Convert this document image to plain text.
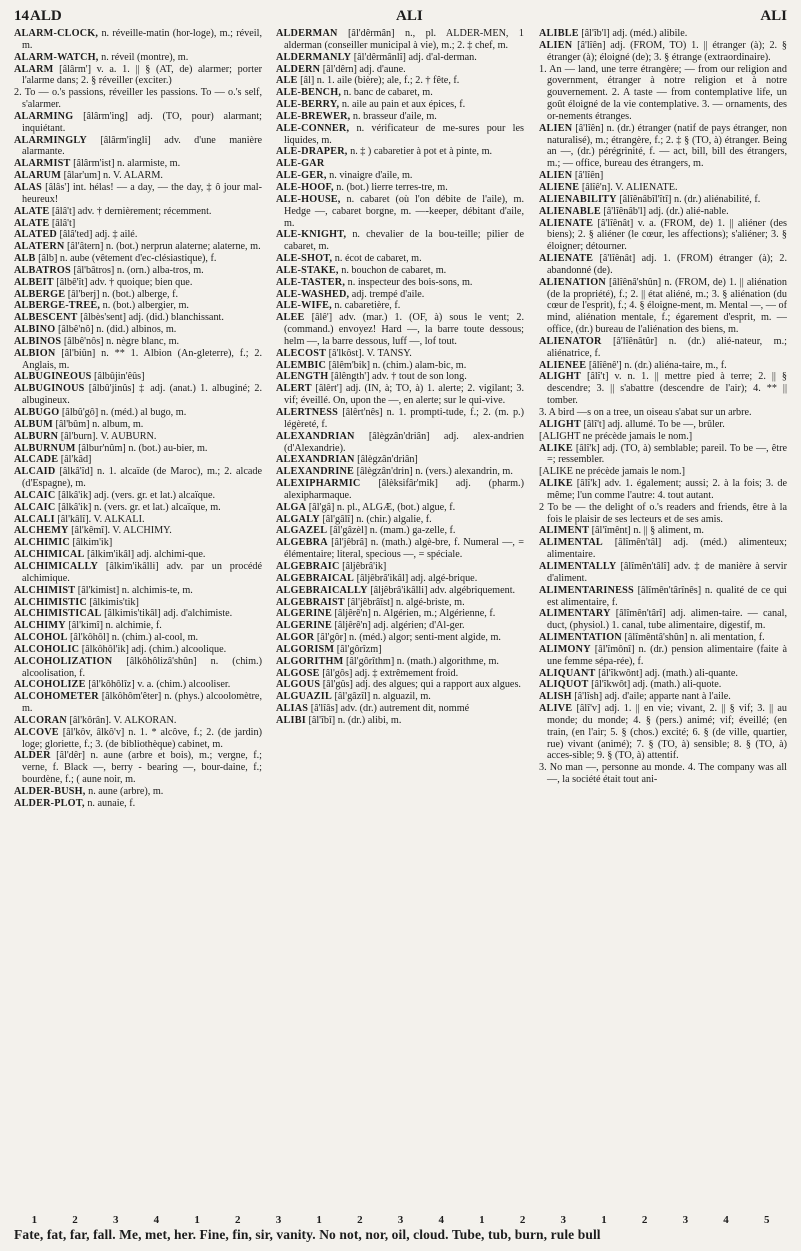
14 ALD	ALI	ALI

ALARM-CLOCK, n. réveille-matin (hor-loge), m.; réveil, m.

ALARM-WATCH, n. réveil (montre), m.

ALARM [âlârm'] v. a. 1. || § (AT, de) alarmer; porter l'alarme dans; 2. § réveiller (exciter.)

2. To — o.'s passions, réveiller les passions. To — o.'s self, s'alarmer.

ALARMING [âlârm'ing] adj. (TO, pour) alarmant; inquiétant.

ALARMINGLY [âlârm'ingli] adv. d'une manière alarmante.

ALARMIST [âlârm'ist] n. alarmiste, m.

ALARUM [âlar'um] n. V. ALARM.

ALAS [âlâs'] int. hélas! — a day, — the day, ‡ ô jour mal-heureux!

ALATE [âlâ't] adv. † dernièrement; récemment.

ALATE [âlâ't]

ALATED [âlâ'ted] adj. ‡ ailé.

ALATERN [âl'âtern] n. (bot.) nerprun alaterne; alaterne, m.

ALB [âlb] n. aube (vêtement d'ec-clésiastique), f.

ALBATROS [âl'bâtros] n. (orn.) alba-tros, m.

ALBEIT [âlbê'ît] adv. † quoique; bien que.

ALBERGE [âl'berj] n. (bot.) alberge, f.

ALBERGE-TREE, n. (bot.) albergier, m.

ALBESCENT [âlbès'sent] adj. (did.) blanchissant.

ALBINO [âlbê'nô] n. (did.) albinos, m.

ALBINOS [âlbê'nôs] n. nègre blanc, m.

ALBION [âl'biûn] n. ** 1. Albion (An-gleterre), f.; 2. Anglais, m.

ALBUGINEOUS [âlbûjin'êûs]

ALBUGINOUS [âlbû'jinûs] ‡ adj. (anat.) 1. albuginé; 2. albugineux.

ALBUGO [âlbû'gô] n. (méd.) al bugo, m.

ALBUM [âl'bûm] n. album, m.

ALBURN [âl'burn]. V. AUBURN.

ALBURNUM [âlbur'nûm] n. (bot.) au-bier, m.

ALCADE [âl'kâd]

ALCAID [âlkâ'îd] n. 1. alcaïde (de Maroc), m.; 2. alcade (d'Espagne), m.

ALCAIC [âlkâ'ik] adj. (vers. gr. et lat.) alcaïque.

ALCAIC [âlkâ'ik] n. (vers. gr. et lat.) alcaïque, m.

ALCALI [âl'kâlî]. V. ALKALI.

ALCHEMY [âl'kêmî]. V. ALCHIMY.

ALCHIMIC [âlkim'ik]

ALCHIMICAL [âlkim'ikâl] adj. alchimi-que.

ALCHIMICALLY [âlkim'ikâlli] adv. par un procédé alchimique.

ALCHIMIST [âl'kimist] n. alchimis-te, m.

ALCHIMISTIC [âlkimis'tik]

ALCHIMISTICAL [âlkimis'tikâl] adj. d'alchimiste.

ALCHIMY [âl'kimî] n. alchimie, f.

ALCOHOL [âl'kôhôl] n. (chim.) al-cool, m.

ALCOHOLIC [âlkôhôl'ik] adj. (chim.) alcoolique.

ALCOHOLIZATION [âlkôhôlizâ'shûn] n. (chim.) alcoolisation, f.

ALCOHOLIZE [âl'kôhôlîz] v. a. (chim.) alcooliser.

ALCOHOMETER [âlkôhôm'êter] n. (phys.) alcoolomètre, m.

ALCORAN [âl'kôrân]. V. ALKORAN.

ALCOVE [âl'kôv, âlkô'v] n. 1. * alcôve, f.; 2. (de jardin) loge; gloriette, f.; 3. (de bibliothèque) cabinet, m.

ALDER [âl'dêr] n. aune (arbre et bois), m.; vergne, f.; verne, f. Black —, berry - bearing —, bour-daine, f.; bourdène, f.; ( aune noir, m.

ALDER-BUSH, n. aune (arbre), m.

ALDER-PLOT, n. aunaie, f.

ALDERMAN [âl'dêrmân] n., pl. ALDER-MEN, 1 alderman (conseiller municipal à vie), m.; 2. ‡ chef, m.

ALDERMANLY [âl'dêrmânlî] adj. d'al-derman.

ALDERN [âl'dêrn] adj. d'aune.

ALE [âl] n. 1. aile (bière); ale, f.; 2. † fête, f.

ALE-BENCH, n. banc de cabaret, m.

ALE-BERRY, n. aile au pain et aux épices, f.

ALE-BREWER, n. brasseur d'aile, m.

ALE-CONNER, n. vérificateur de me-sures pour les liquides, m.

ALE-DRAPER, n. ‡ ) cabaretier à pot et à pinte, m.

ALE-GAR

ALE-GER, n. vinaigre d'aile, m.

ALE-HOOF, n. (bot.) lierre terres-tre, m.

ALE-HOUSE, n. cabaret (où l'on débite de l'aile), m. Hedge —, cabaret borgne, m. —-keeper, débitant d'aile, m.

ALE-KNIGHT, n. chevalier de la bou-teille; pilier de cabaret, m.

ALE-SHOT, n. écot de cabaret, m.

ALE-STAKE, n. bouchon de cabaret, m.

ALE-TASTER, n. inspecteur des bois-sons, m.

ALE-WASHED, adj. trempé d'aile.

ALE-WIFE, n. cabaretière, f.

ALEE [âlê'] adv. (mar.) 1. (OF, à) sous le vent; 2. (command.) envoyez! Hard —, la barre toute dessous; helm —, la barre dessous, luff —, lof tout.

ALECOST [â'lkôst]. V. TANSY.

ALEMBIC [âlêm'bik] n. (chim.) alam-bic, m.

ALENGTH [âlêngth'] adv. † tout de son long.

ALERT [âlêrt'] adj. (IN, à; TO, à) 1. alerte; 2. vigilant; 3. vif; éveillé. On, upon the —, en alerte; sur le qui-vive.

ALERTNESS [âlêrt'nês] n. 1. prompti-tude, f.; 2. (m. p.) légèreté, f.

ALEXANDRIAN [âlègzân'driân] adj. alex-andrien (d'Alexandrie).

ALEXANDRIAN [âlègzân'driân]

ALEXANDRINE [âlègzân'drin] n. (vers.) alexandrin, m.

ALEXIPHARMIC [âlèksifâr'mik] adj. (pharm.) alexipharmaque.

ALGA [âl'gâ] n. pl., ALGÆ, (bot.) algue, f.

ALGALY [âl'gâlî] n. (chir.) algalie, f.

ALGAZEL [âl'gâzèl] n. (mam.) ga-zelle, f.

ALGEBRA [âl'jêbrâ] n. (math.) algè-bre, f. Numeral —, = élémentaire; literal, specious —, = spéciale.

ALGEBRAIC [âljêbrâ'ik]

ALGEBRAICAL [âljêbrâ'ikâl] adj. algé-brique.

ALGEBRAICALLY [âljêbrâ'ikâlli] adv. algébriquement.

ALGEBRAIST [âl'jêbrâîst] n. algé-briste, m.

ALGERINE [âljêrê'n] n. Algérien, m.; Algérienne, f.

ALGERINE [âljêrê'n] adj. algérien; d'Al-ger.

ALGOR [âl'gôr] n. (méd.) algor; senti-ment algide, m.

ALGORISM [âl'gôrîzm]

ALGORITHM [âl'gôrîthm] n. (math.) algorithme, m.

ALGOSE [âl'gôs] adj. ‡ extrêmement froid.

ALGOUS [âl'gûs] adj. des algues; qui a rapport aux algues.

ALGUAZIL [âl'gâzîl] n. alguazil, m.

ALIAS [â'lîâs] adv. (dr.) autrement dit, nommé

ALIBI [âl'îbî] n. (dr.) alibi, m.

ALIBLE [âl'îb'l] adj. (méd.) alibile.

ALIEN [â'lîên] adj. (FROM, TO) 1. || étranger (à); 2. § étranger (à); éloigné (de); 3. § étrange (extraordinaire).

1. An — land, une terre étrangère; — from our religion and government, étranger à notre religion et à notre gouvernement. 2. A taste — from contemplative life, un goût éloigné de la vie contemplative. 3. — ornaments, des or-nements étranges.

ALIEN [â'lîên] n. (dr.) étranger (natif de pays étranger, non naturalisé), m.; étrangère, f.; 2. ‡ § (TO, à) étranger. Being an —, (dr.) pérégrinité, f. — act, bill, bill des étrangers, m.; — office, bureau des étrangers, m.

ALIEN [â'lîên]

ALIENE [âlîê'n]. V. ALIENATE.

ALIENABILITY [âlîênâbîl'îtî] n. (dr.) aliénabilité, f.

ALIENABLE [â'lîênâb'l] adj. (dr.) alié-nable.

ALIENATE [â'lîênât] v. a. (FROM, de) 1. || aliéner (des biens); 2. § aliéner (le cœur, les affections); s'aliéner; 3. § éloigner; détourner.

ALIENATE [â'lîênât] adj. 1. (FROM) étranger (à); 2. abandonné (de).

ALIENATION [âlîênâ'shûn] n. (FROM, de) 1. || aliénation (de la propriété), f.; 2. || état aliéné, m.; 3. § aliénation (du cœur de l'esprit), f.; 4. § éloigne-ment, m. Mental —, — of mind, aliénation mentale, f.; égarement d'esprit, m. — office, (dr.) bureau de l'aliénation des biens, m.

ALIENATOR [â'lîênâtûr] n. (dr.) alié-nateur, m.; aliénatrice, f.

ALIENEE [âlîênê'] n. (dr.) aliéna-taire, m., f.

ALIGHT [âlî't] v. n. 1. || mettre pied à terre; 2. || § descendre; 3. || s'abattre (descendre de l'air); 4. ** || tomber.

3. A bird —s on a tree, un oiseau s'abat sur un arbre.

ALIGHT [âlî't] adj. allumé. To be —, brûler.

[ALIGHT ne précède jamais le nom.]

ALIKE [âlî'k] adj. (TO, à) semblable; pareil. To be —, être =; ressembler.

[ALIKE ne précède jamais le nom.]

ALIKE [âlî'k] adv. 1. également; aussi; 2. à la fois; 3. de même; l'un comme l'autre: 4. tout autant.

2 To be — the delight of o.'s readers and friends, être à la fois le plaisir de ses lecteurs et de ses amis.

ALIMENT [âl'îmênt] n. || § aliment, m.

ALIMENTAL [âlîmên'tâl] adj. (méd.) alimenteux; alimentaire.

ALIMENTALLY [âlîmên'tâlî] adv. ‡ de manière à servir d'aliment.

ALIMENTARINESS [âlîmên'târînês] n. qualité de ce qui est alimentaire, f.

ALIMENTARY [âlîmên'târî] adj. alimen-taire. — canal, duct, (physiol.) 1. canal, tube alimentaire, digestif, m.

ALIMENTATION [âlîmêntâ'shûn] n. ali mentation, f.

ALIMONY [âl'îmônî] n. (dr.) pension alimentaire (faite à une femme sépa-rée), f.

ALIQUANT [âl'îkwônt] adj. (math.) ali-quante.

ALIQUOT [âl'îkwôt] adj. (math.) ali-quote.

ALISH [â'lîsh] adj. d'aile; apparte nant à l'aile.

ALIVE [âlî'v] adj. 1. || en vie; vivant, 2. || § vif; 3. || au monde; du monde; 4. § (pers.) animé; vif; éveillé; (en train, (en l'air; 5. § (chos.) excité; 6. § (de ville, quartier, rue) vivant (animé); 7. § (TO, à) sensible; 8. § (TO, à) acces-sible; 9. § (TO, à) attentif.

3. No man —, personne au monde. 4. The company was all —, la société était tout ani-

1	2	3	4	1	2	3	1	2	3	4	1	2	3	1	2	3	4	5
Fate, fat, far, fall. Me, met, her. Fine, fin, sir, vanity. No not, nor, oil, cloud. Tube, tub, burn, rule bull
